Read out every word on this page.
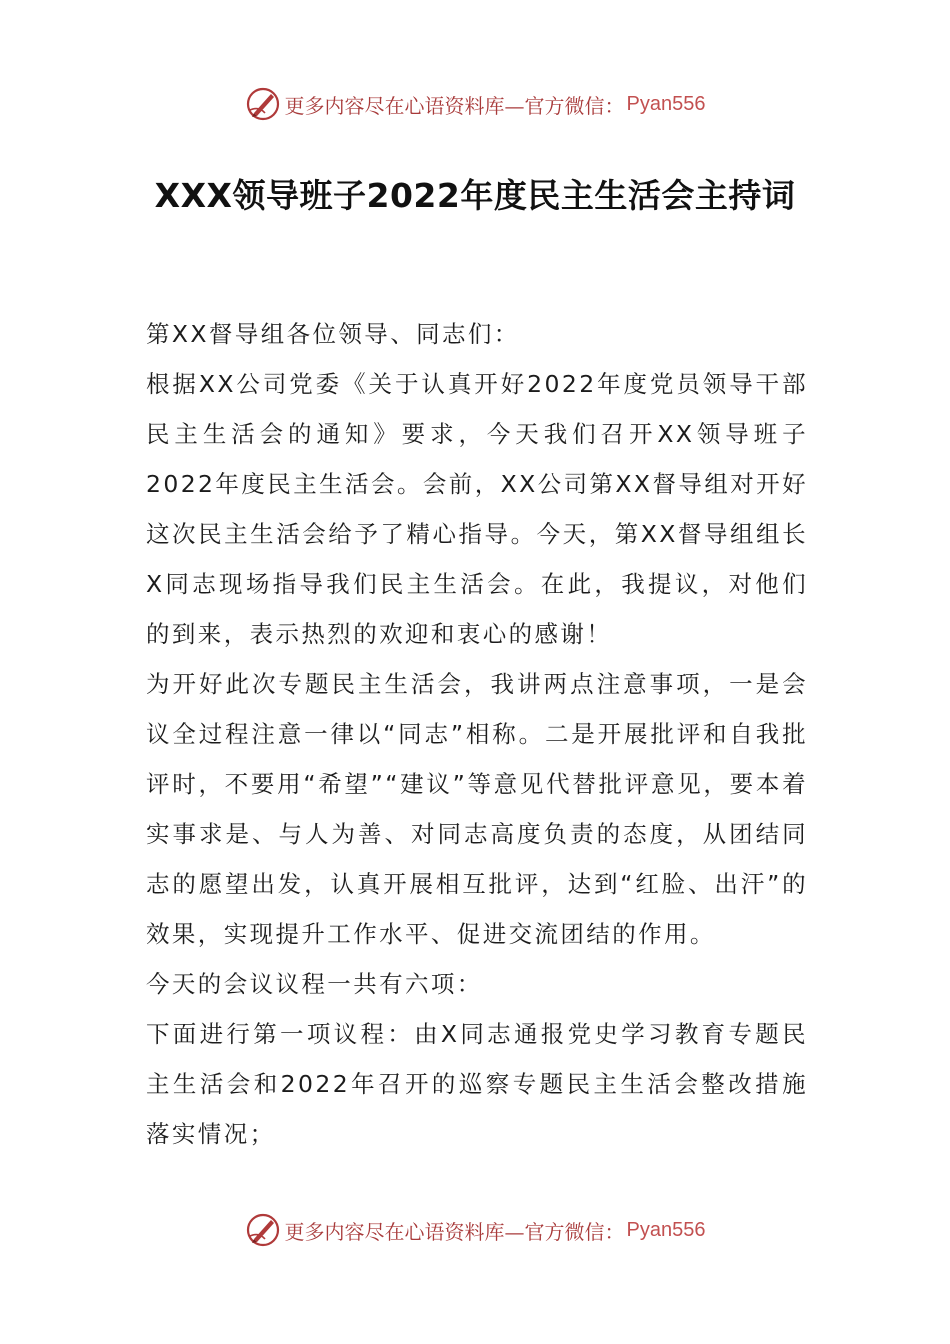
更多内容尽在心语资料库—官方微信： Pyan556
XXX领导班子2022年度民主生活会主持词

第XX督导组各位领导、同志们：

根据XX公司党委《关于认真开好2022年度党员领导干部民主生活会的通知》要求，今天我们召开XX领导班子2022年度民主生活会。会前，XX公司第XX督导组对开好这次民主生活会给予了精心指导。今天，第XX督导组组长X同志现场指导我们民主生活会。在此，我提议，对他们的到来，表示热烈的欢迎和衷心的感谢！

为开好此次专题民主生活会，我讲两点注意事项，一是会议全过程注意一律以“同志”相称。二是开展批评和自我批评时，不要用“希望”“建议”等意见代替批评意见，要本着实事求是、与人为善、对同志高度负责的态度，从团结同志的愿望出发，认真开展相互批评，达到“红脸、出汗”的效果，实现提升工作水平、促进交流团结的作用。

今天的会议议程一共有六项：

下面进行第一项议程：由X同志通报党史学习教育专题民主生活会和2022年召开的巡察专题民主生活会整改措施落实情况；

更多内容尽在心语资料库—官方微信： Pyan556
